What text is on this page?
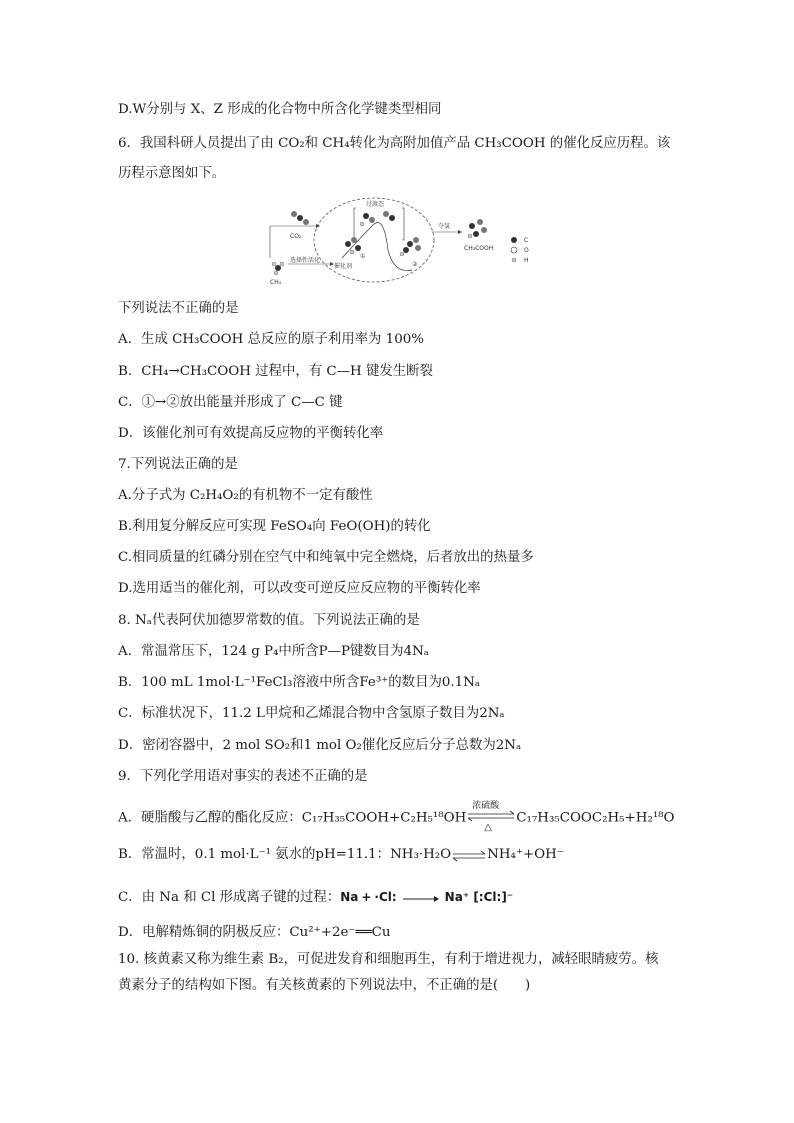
D.W分别与 X、Z 形成的化合物中所含化学键类型相同
6．我国科研人员提出了由 CO₂和 CH₄转化为高附加值产品 CH₃COOH 的催化反应历程。该
历程示意图如下。
CO₂
CH₄
选择性活化
催化剂
过渡态
①
②
夺氢
CH₃COOH
C
O
H
下列说法不正确的是
A．生成 CH₃COOH 总反应的原子利用率为 100%
B．CH₄→CH₃COOH 过程中，有 C—H 键发生断裂
C．①→②放出能量并形成了 C—C 键
D．该催化剂可有效提高反应物的平衡转化率
7.下列说法正确的是
A.分子式为 C₂H₄O₂的有机物不一定有酸性
B.利用复分解反应可实现 FeSO₄向 FeO(OH)的转化
C.相同质量的红磷分别在空气中和纯氧中完全燃烧，后者放出的热量多
D.选用适当的催化剂，可以改变可逆反应反应物的平衡转化率
8. Nₐ代表阿伏加德罗常数的值。下列说法正确的是
A．常温常压下，124 g P₄中所含P—P键数目为4Nₐ
B．100 mL 1mol·L⁻¹FeCl₃溶液中所含Fe³⁺的数目为0.1Nₐ
C．标准状况下，11.2 L甲烷和乙烯混合物中含氢原子数目为2Nₐ
D．密闭容器中，2 mol SO₂和1 mol O₂催化反应后分子总数为2Nₐ
9．下列化学用语对事实的表述不正确的是
A．硬脂酸与乙醇的酯化反应：C₁₇H₃₅COOH+C₂H₅¹⁸OH
浓硫酸
△
C₁₇H₃₅COOC₂H₅+H₂¹⁸O
B．常温时，0.1 mol·L⁻¹ 氨水的pH=11.1：NH₃·H₂O⇌NH₄⁺+OH⁻
C．由 Na 和 Cl 形成离子键的过程：Na + ·Cl: → Na⁺ [:Cl:]⁻
D．电解精炼铜的阴极反应：Cu²⁺+2e⁻══Cu
10. 核黄素又称为维生素 B₂，可促进发育和细胞再生，有利于增进视力，减轻眼睛疲劳。核
黄素分子的结构如下图。有关核黄素的下列说法中，不正确的是(　　)
